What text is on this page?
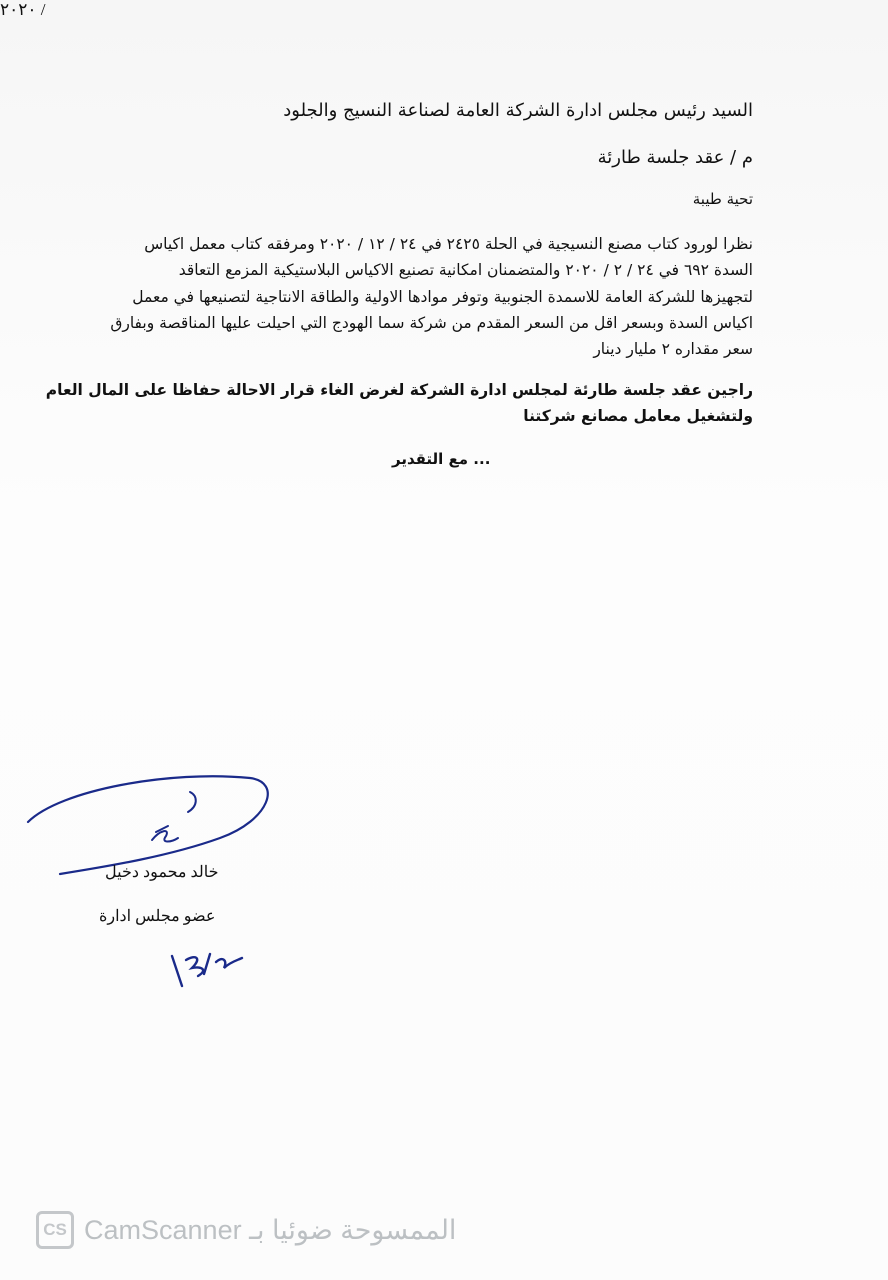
السيد رئيس مجلس ادارة الشركة العامة لصناعة النسيج والجلود
م / عقد جلسة طارئة
تحية طيبة
نظرا لورود كتاب مصنع النسيجية في الحلة ٢٤٢٥ في ٢٤ / ١٢ / ٢٠٢٠ ومرفقه كتاب معمل اكياس
السدة ٦٩٢ في ٢٤ / ٢ / ٢٠٢٠ والمتضمنان امكانية تصنيع الاكياس البلاستيكية المزمع التعاقد
لتجهيزها للشركة العامة للاسمدة الجنوبية وتوفر موادها الاولية والطاقة الانتاجية لتصنيعها في معمل
اكياس السدة وبسعر اقل من السعر المقدم من شركة سما الهودج التي احيلت عليها المناقصة وبفارق
سعر مقداره ٢ مليار دينار
راجين عقد جلسة طارئة لمجلس ادارة الشركة لغرض الغاء قرار الاحالة حفاظا على المال العام
ولتشغيل معامل مصانع شركتنا
... مع التقدير
خالد محمود دخيل
عضو مجلس ادارة
٢٠٢٠ /
CS الممسوحة ضوئيا بـ CamScanner
